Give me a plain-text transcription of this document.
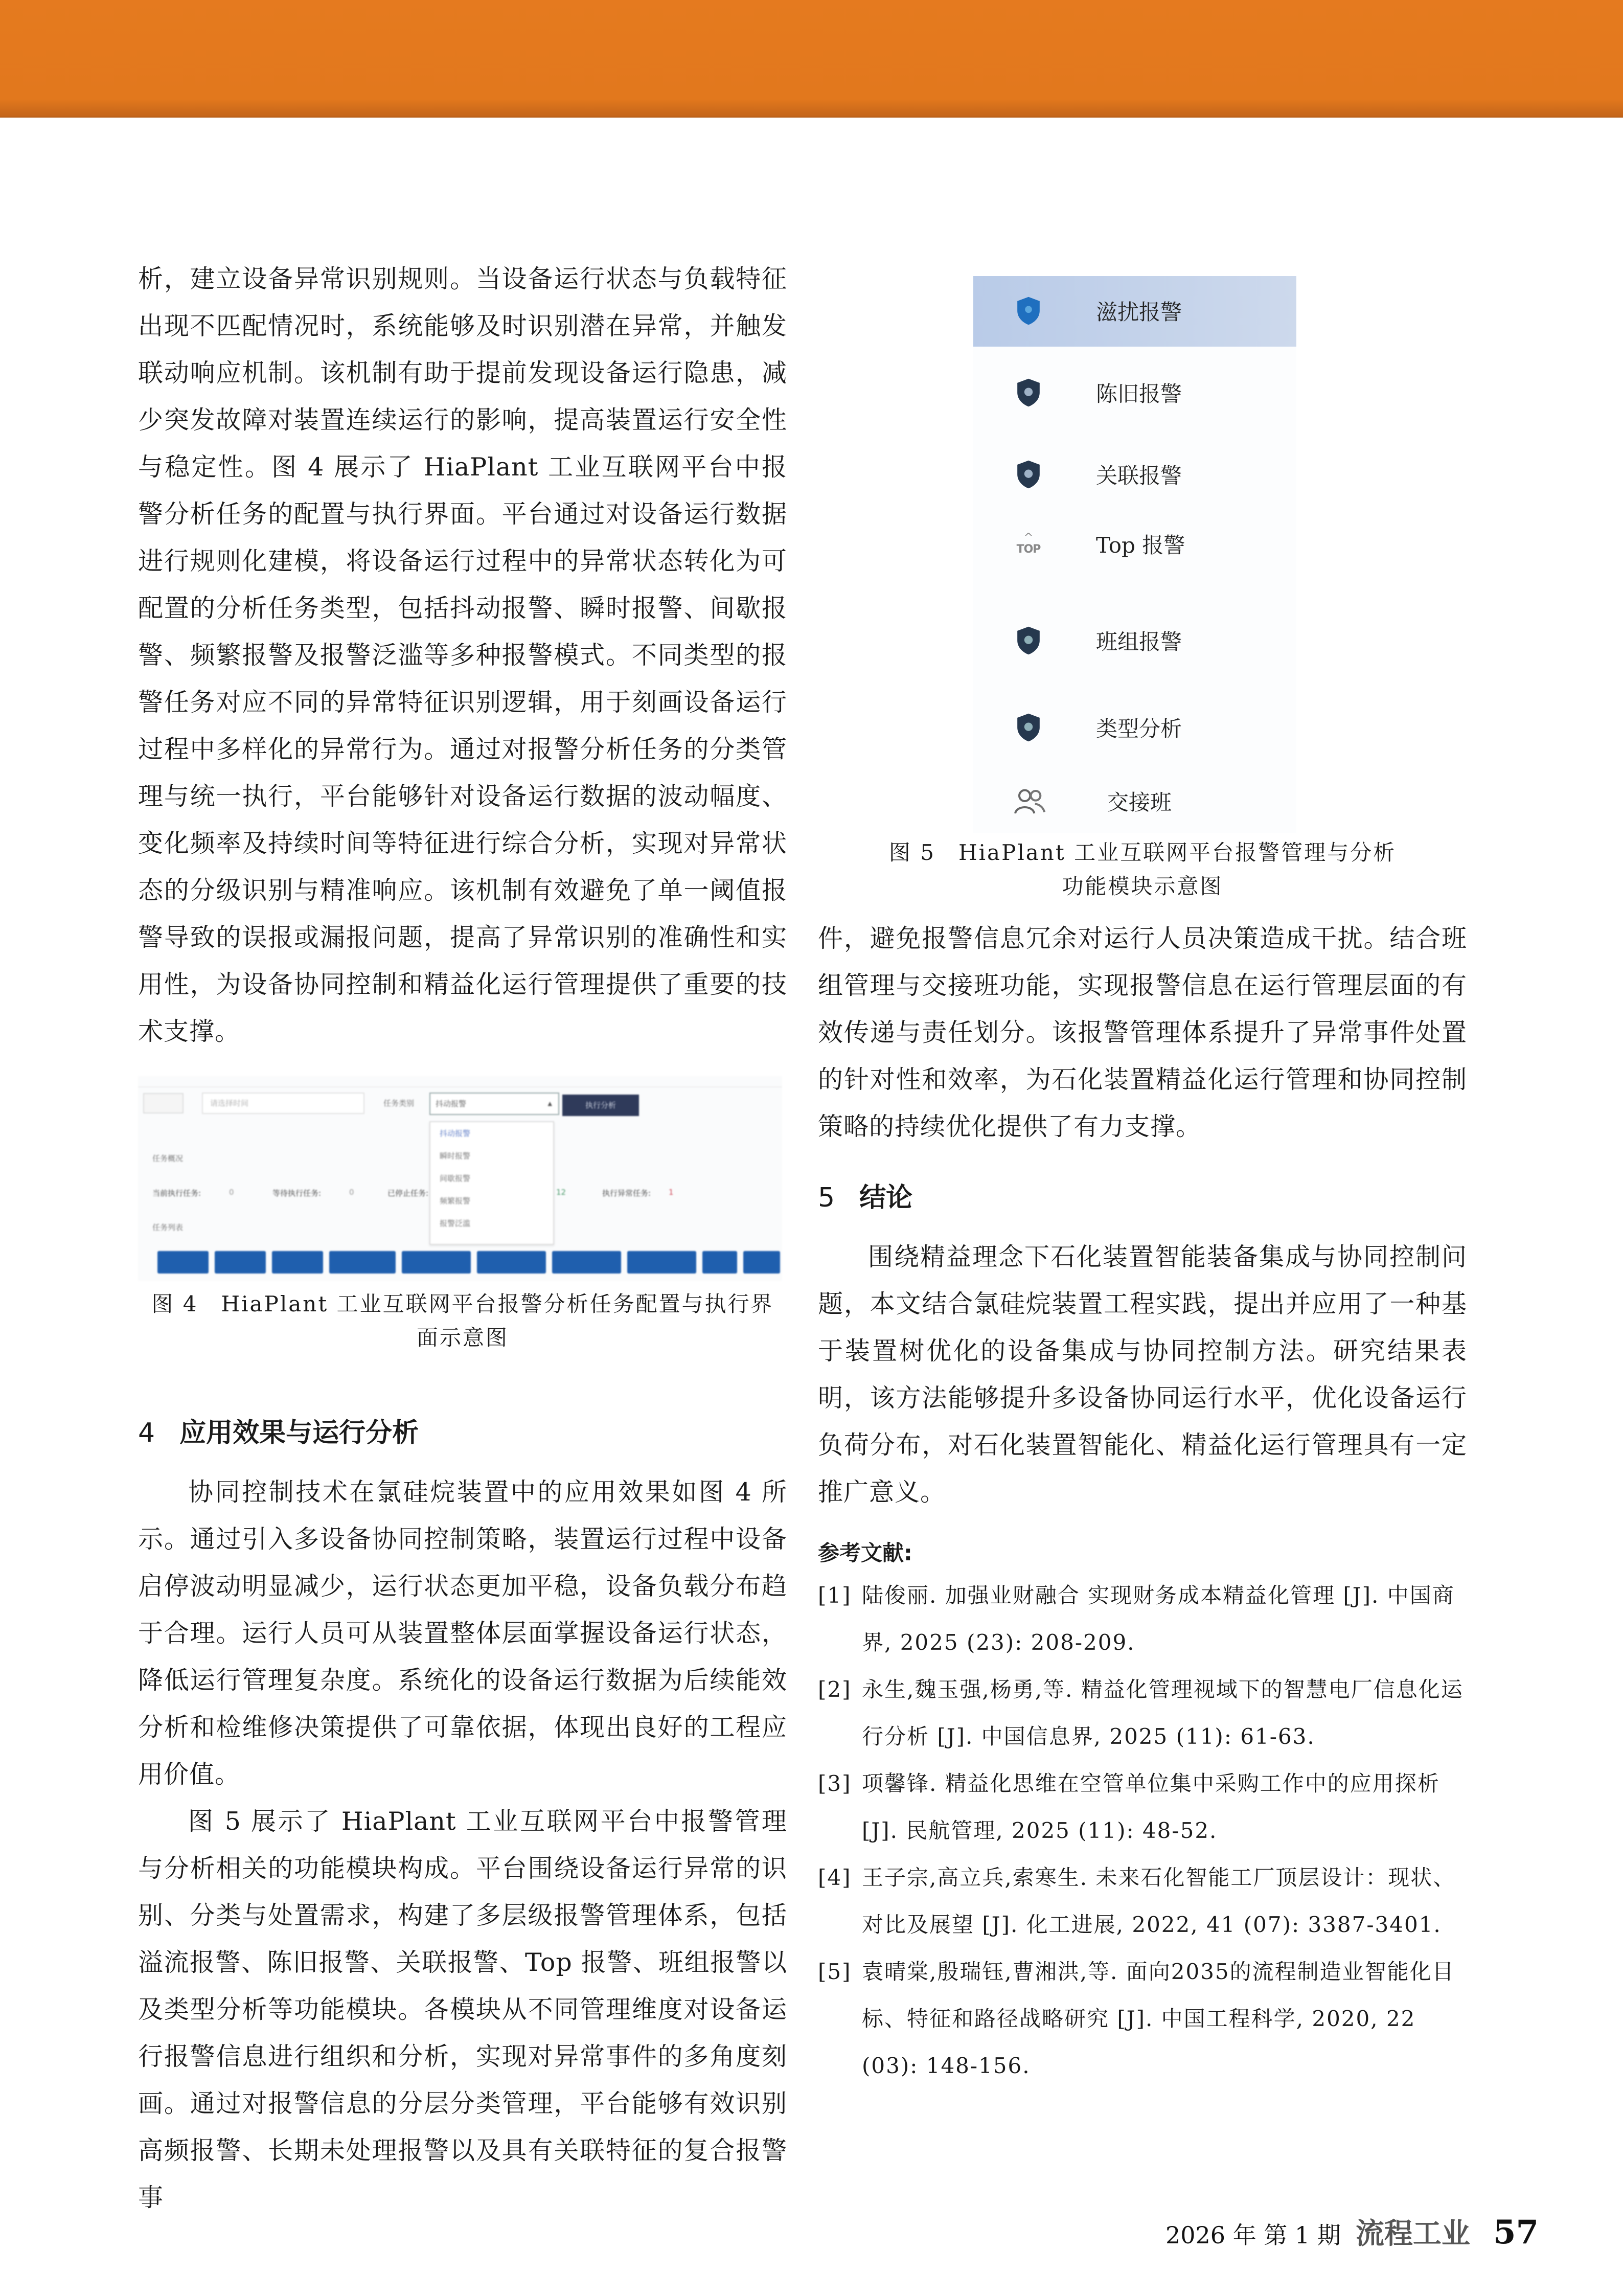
析，建立设备异常识别规则。当设备运行状态与负载特征出现不匹配情况时，系统能够及时识别潜在异常，并触发联动响应机制。该机制有助于提前发现设备运行隐患，减少突发故障对装置连续运行的影响，提高装置运行安全性与稳定性。图 4 展示了 HiaPlant 工业互联网平台中报警分析任务的配置与执行界面。平台通过对设备运行数据进行规则化建模，将设备运行过程中的异常状态转化为可配置的分析任务类型，包括抖动报警、瞬时报警、间歇报警、频繁报警及报警泛滥等多种报警模式。不同类型的报警任务对应不同的异常特征识别逻辑，用于刻画设备运行过程中多样化的异常行为。通过对报警分析任务的分类管理与统一执行，平台能够针对设备运行数据的波动幅度、变化频率及持续时间等特征进行综合分析，实现对异常状态的分级识别与精准响应。该机制有效避免了单一阈值报警导致的误报或漏报问题，提高了异常识别的准确性和实用性，为设备协同控制和精益化运行管理提供了重要的技术支撑。

请选择时间	任务类别	抖动报警	▲	执行分析
抖动报警
瞬时报警
间歇报警
频繁报警
报警泛滥
任务概况
当前执行任务:	0	等待执行任务:	0	已停止任务:	12	执行异常任务: 1
任务列表
图 4　HiaPlant 工业互联网平台报警分析任务配置与执行界
面示意图
4 应用效果与运行分析

协同控制技术在氯硅烷装置中的应用效果如图 4 所示。通过引入多设备协同控制策略，装置运行过程中设备启停波动明显减少，运行状态更加平稳，设备负载分布趋于合理。运行人员可从装置整体层面掌握设备运行状态，降低运行管理复杂度。系统化的设备运行数据为后续能效分析和检维修决策提供了可靠依据，体现出良好的工程应用价值。

图 5 展示了 HiaPlant 工业互联网平台中报警管理与分析相关的功能模块构成。平台围绕设备运行异常的识别、分类与处置需求，构建了多层级报警管理体系，包括溢流报警、陈旧报警、关联报警、Top 报警、班组报警以及类型分析等功能模块。各模块从不同管理维度对设备运行报警信息进行组织和分析，实现对异常事件的多角度刻画。通过对报警信息的分层分类管理，平台能够有效识别高频报警、长期未处理报警以及具有关联特征的复合报警事

滋扰报警
陈旧报警
关联报警
^
TOP	Top 报警
班组报警
类型分析
交接班
图 5　HiaPlant 工业互联网平台报警管理与分析
功能模块示意图

件，避免报警信息冗余对运行人员决策造成干扰。结合班组管理与交接班功能，实现报警信息在运行管理层面的有效传递与责任划分。该报警管理体系提升了异常事件处置的针对性和效率，为石化装置精益化运行管理和协同控制策略的持续优化提供了有力支撑。

5 结论

围绕精益理念下石化装置智能装备集成与协同控制问题，本文结合氯硅烷装置工程实践，提出并应用了一种基于装置树优化的设备集成与协同控制方法。研究结果表明，该方法能够提升多设备协同运行水平，优化设备运行负荷分布，对石化装置智能化、精益化运行管理具有一定推广意义。

参考文献:
[1] 陆俊丽. 加强业财融合 实现财务成本精益化管理 [J]. 中国商界, 2025 (23): 208-209.
[2] 永生,魏玉强,杨勇,等. 精益化管理视域下的智慧电厂信息化运行分析 [J]. 中国信息界, 2025 (11): 61-63.
[3] 项馨锋. 精益化思维在空管单位集中采购工作中的应用探析 [J]. 民航管理, 2025 (11): 48-52.
[4] 王子宗,高立兵,索寒生. 未来石化智能工厂顶层设计：现状、对比及展望 [J]. 化工进展, 2022, 41 (07): 3387-3401.
[5] 袁晴棠,殷瑞钰,曹湘洪,等. 面向2035的流程制造业智能化目标、特征和路径战略研究 [J]. 中国工程科学, 2020, 22 (03): 148-156.
2026 年 第 1 期 流程工业 57
